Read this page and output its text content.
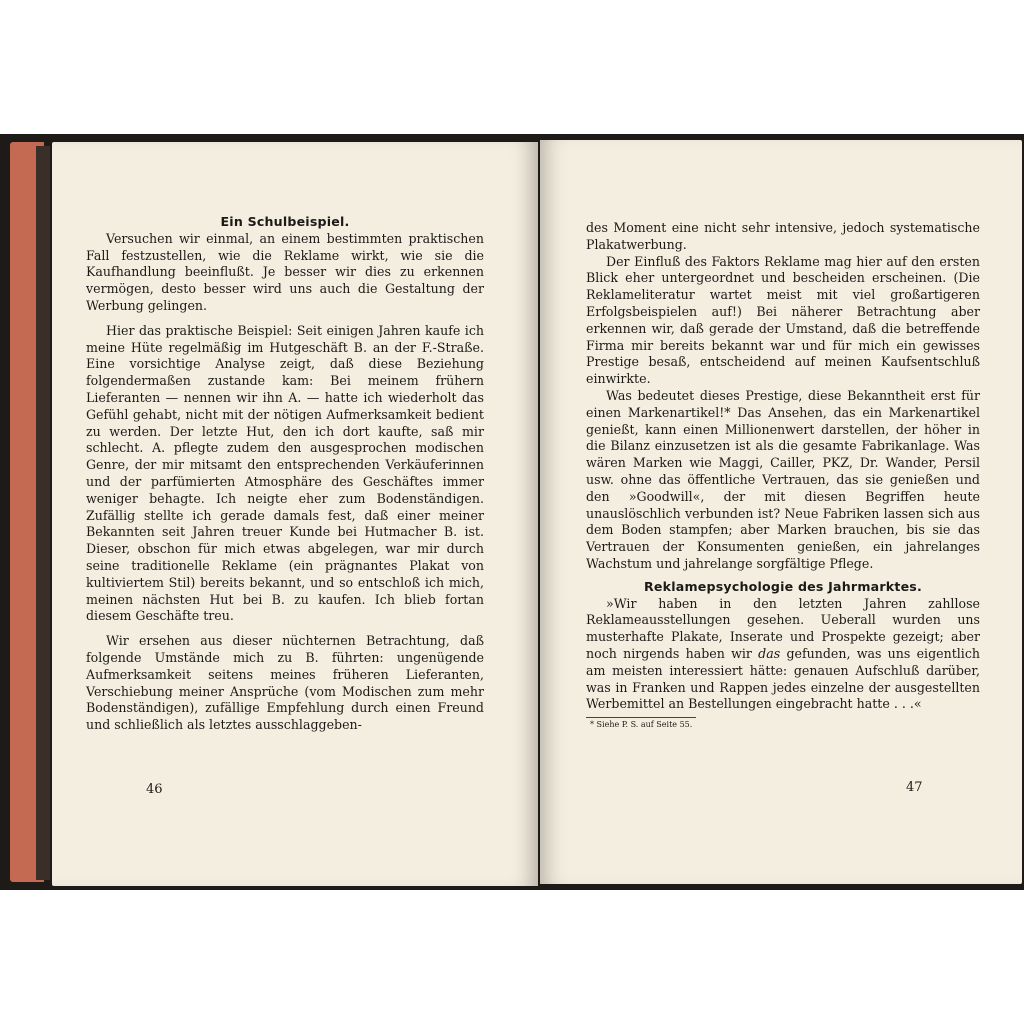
Ein Schulbeispiel.

Versuchen wir einmal, an einem bestimmten praktischen Fall festzustellen, wie die Reklame wirkt, wie sie die Kaufhandlung beeinflußt. Je besser wir dies zu erkennen vermögen, desto besser wird uns auch die Gestaltung der Werbung gelingen.

Hier das praktische Beispiel: Seit einigen Jahren kaufe ich meine Hüte regelmäßig im Hutgeschäft B. an der F.-Straße. Eine vorsichtige Analyse zeigt, daß diese Beziehung folgendermaßen zustande kam: Bei meinem frühern Lieferanten — nennen wir ihn A. — hatte ich wiederholt das Gefühl gehabt, nicht mit der nötigen Aufmerksamkeit bedient zu werden. Der letzte Hut, den ich dort kaufte, saß mir schlecht. A. pflegte zudem den ausgesprochen modischen Genre, der mir mitsamt den entsprechenden Verkäuferinnen und der parfümierten Atmosphäre des Geschäftes immer weniger behagte. Ich neigte eher zum Bodenständigen. Zufällig stellte ich gerade damals fest, daß einer meiner Bekannten seit Jahren treuer Kunde bei Hutmacher B. ist. Dieser, obschon für mich etwas abgelegen, war mir durch seine traditionelle Reklame (ein prägnantes Plakat von kultiviertem Stil) bereits bekannt, und so entschloß ich mich, meinen nächsten Hut bei B. zu kaufen. Ich blieb fortan diesem Geschäfte treu.

Wir ersehen aus dieser nüchternen Betrachtung, daß folgende Umstände mich zu B. führten: ungenügende Aufmerksamkeit seitens meines früheren Lieferanten, Verschiebung meiner Ansprüche (vom Modischen zum mehr Bodenständigen), zufällige Empfehlung durch einen Freund und schließlich als letztes ausschlaggeben-

46

des Moment eine nicht sehr intensive, jedoch systematische Plakatwerbung.

Der Einfluß des Faktors Reklame mag hier auf den ersten Blick eher untergeordnet und bescheiden erscheinen. (Die Reklameliteratur wartet meist mit viel großartigeren Erfolgsbeispielen auf!) Bei näherer Betrachtung aber erkennen wir, daß gerade der Umstand, daß die betreffende Firma mir bereits bekannt war und für mich ein gewisses Prestige besaß, entscheidend auf meinen Kaufsentschluß einwirkte.

Was bedeutet dieses Prestige, diese Bekanntheit erst für einen Markenartikel!* Das Ansehen, das ein Markenartikel genießt, kann einen Millionenwert darstellen, der höher in die Bilanz einzusetzen ist als die gesamte Fabrikanlage. Was wären Marken wie Maggi, Cailler, PKZ, Dr. Wander, Persil usw. ohne das öffentliche Vertrauen, das sie genießen und den »Goodwill«, der mit diesen Begriffen heute unauslöschlich verbunden ist? Neue Fabriken lassen sich aus dem Boden stampfen; aber Marken brauchen, bis sie das Vertrauen der Konsumenten genießen, ein jahrelanges Wachstum und jahrelange sorgfältige Pflege.

Reklamepsychologie des Jahrmarktes.

»Wir haben in den letzten Jahren zahllose Reklameausstellungen gesehen. Ueberall wurden uns musterhafte Plakate, Inserate und Prospekte gezeigt; aber noch nirgends haben wir das gefunden, was uns eigentlich am meisten interessiert hätte: genauen Aufschluß darüber, was in Franken und Rappen jedes einzelne der ausgestellten Werbemittel an Bestellungen eingebracht hatte . . .«

* Siehe P. S. auf Seite 55.

47
